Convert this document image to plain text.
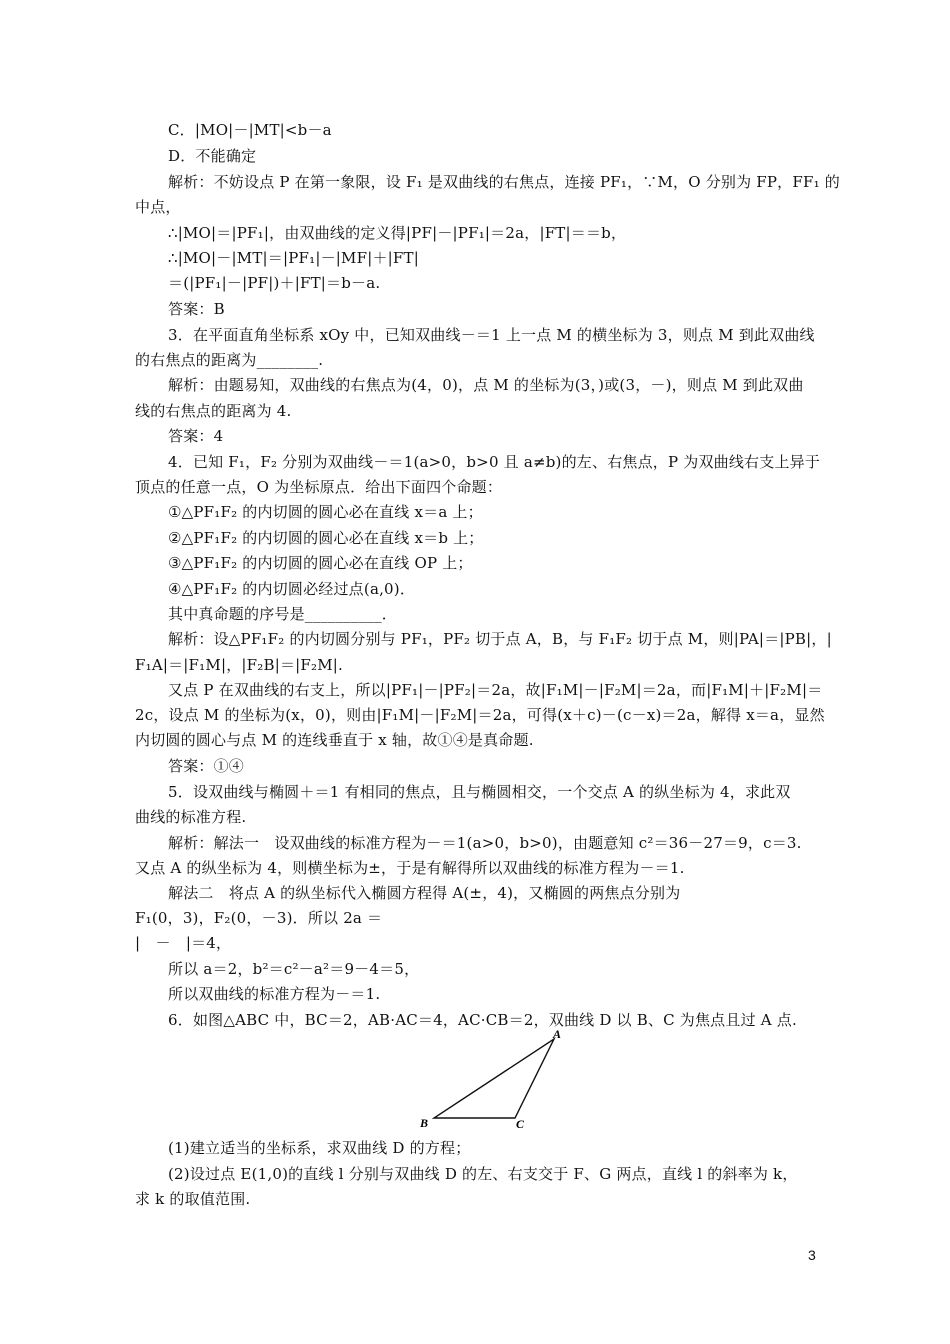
C．|MO|－|MT|<b－a
D．不能确定
解析：不妨设点 P 在第一象限，设 F₁ 是双曲线的右焦点，连接 PF₁，∵M，O 分别为 FP，FF₁ 的
中点，
∴|MO|＝|PF₁|，由双曲线的定义得|PF|－|PF₁|＝2a，|FT|＝＝b，
∴|MO|－|MT|＝|PF₁|－|MF|＋|FT|
＝(|PF₁|－|PF|)＋|FT|＝b－a.
答案：B
3．在平面直角坐标系 xOy 中，已知双曲线－＝1 上一点 M 的横坐标为 3，则点 M 到此双曲线
的右焦点的距离为________.
解析：由题易知，双曲线的右焦点为(4，0)，点 M 的坐标为(3，)或(3，－)，则点 M 到此双曲
线的右焦点的距离为 4.
答案：4
4．已知 F₁，F₂ 分别为双曲线－＝1(a>0，b>0 且 a≠b)的左、右焦点，P 为双曲线右支上异于
顶点的任意一点，O 为坐标原点．给出下面四个命题：
①△PF₁F₂ 的内切圆的圆心必在直线 x＝a 上；
②△PF₁F₂ 的内切圆的圆心必在直线 x＝b 上；
③△PF₁F₂ 的内切圆的圆心必在直线 OP 上；
④△PF₁F₂ 的内切圆必经过点(a,0)．
其中真命题的序号是__________．
解析：设△PF₁F₂ 的内切圆分别与 PF₁，PF₂ 切于点 A，B，与 F₁F₂ 切于点 M，则|PA|＝|PB|，|
F₁A|＝|F₁M|，|F₂B|＝|F₂M|.
又点 P 在双曲线的右支上，所以|PF₁|－|PF₂|＝2a，故|F₁M|－|F₂M|＝2a，而|F₁M|＋|F₂M|＝
2c，设点 M 的坐标为(x，0)，则由|F₁M|－|F₂M|＝2a，可得(x＋c)－(c－x)＝2a，解得 x＝a，显然
内切圆的圆心与点 M 的连线垂直于 x 轴，故①④是真命题.
答案：①④
5．设双曲线与椭圆＋＝1 有相同的焦点，且与椭圆相交，一个交点 A 的纵坐标为 4，求此双
曲线的标准方程.
解析：解法一　设双曲线的标准方程为－＝1(a>0，b>0)，由题意知 c²＝36－27＝9，c＝3.
又点 A 的纵坐标为 4，则横坐标为±，于是有解得所以双曲线的标准方程为－＝1.
解法二　将点 A 的纵坐标代入椭圆方程得 A(±，4)，又椭圆的两焦点分别为
F₁(0，3)，F₂(0，－3)．所以 2a ＝
|　－　|＝4，
所以 a＝2，b²＝c²－a²＝9－4＝5，
所以双曲线的标准方程为－＝1.
6．如图△ABC 中，BC＝2，AB·AC＝4，AC·CB＝2，双曲线 D 以 B、C 为焦点且过 A 点.
A
B	C
(1)建立适当的坐标系，求双曲线 D 的方程；
(2)设过点 E(1,0)的直线 l 分别与双曲线 D 的左、右支交于 F、G 两点，直线 l 的斜率为 k，
求 k 的取值范围.
3
